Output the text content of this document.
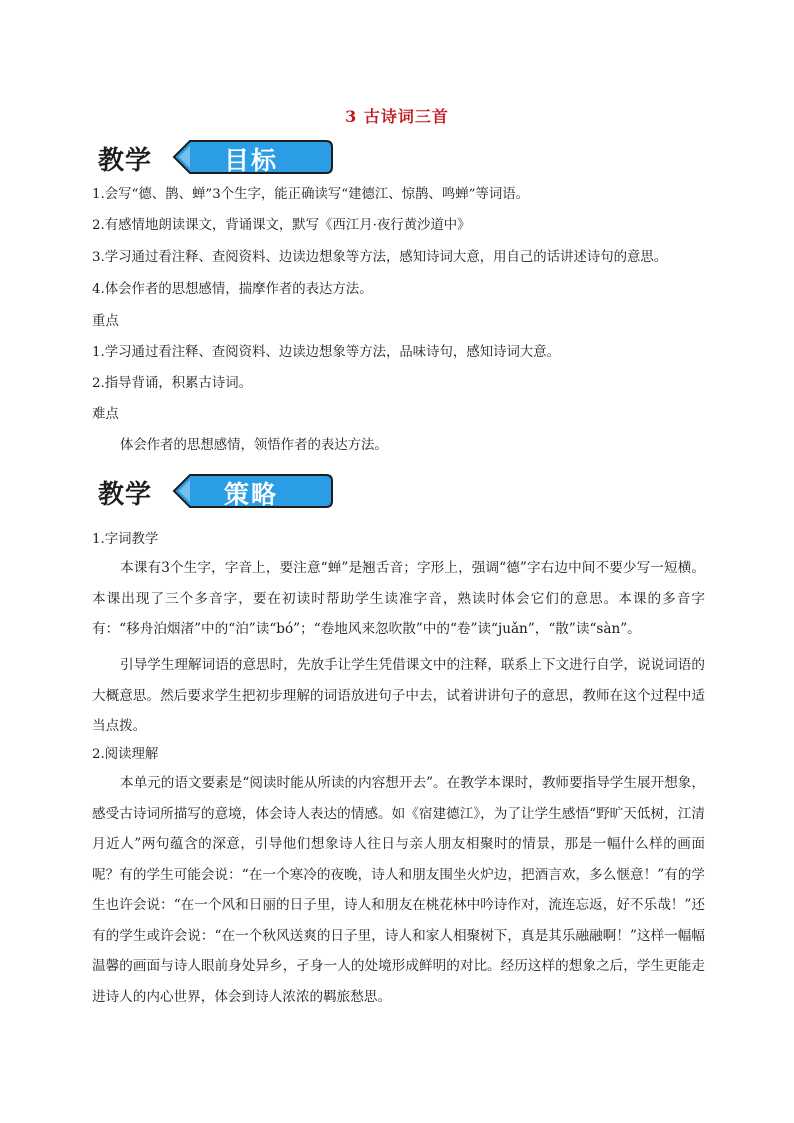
3 古诗词三首
教学	目标
1.会写“德、鹊、蝉”3个生字，能正确读写“建德江、惊鹊、鸣蝉”等词语。
2.有感情地朗读课文，背诵课文，默写《西江月·夜行黄沙道中》
3.学习通过看注释、查阅资料、边读边想象等方法，感知诗词大意，用自己的话讲述诗句的意思。
4.体会作者的思想感情，揣摩作者的表达方法。
重点
1.学习通过看注释、查阅资料、边读边想象等方法，品味诗句，感知诗词大意。
2.指导背诵，积累古诗词。
难点
体会作者的思想感情，领悟作者的表达方法。
教学	策略
1.字词教学
本课有3个生字，字音上，要注意“蝉”是翘舌音；字形上，强调“德”字右边中间不要少写一短横。本课出现了三个多音字，要在初读时帮助学生读准字音，熟读时体会它们的意思。本课的多音字有：“移舟泊烟渚”中的“泊”读“bó”；“卷地风来忽吹散”中的“卷”读“juǎn”，“散”读“sàn”。
引导学生理解词语的意思时，先放手让学生凭借课文中的注释，联系上下文进行自学，说说词语的大概意思。然后要求学生把初步理解的词语放进句子中去，试着讲讲句子的意思，教师在这个过程中适当点拨。
2.阅读理解
本单元的语文要素是“阅读时能从所读的内容想开去”。在教学本课时，教师要指导学生展开想象，感受古诗词所描写的意境，体会诗人表达的情感。如《宿建德江》，为了让学生感悟“野旷天低树，江清月近人”两句蕴含的深意，引导他们想象诗人往日与亲人朋友相聚时的情景，那是一幅什么样的画面呢？有的学生可能会说：“在一个寒冷的夜晚，诗人和朋友围坐火炉边，把酒言欢，多么惬意！”有的学生也许会说：“在一个风和日丽的日子里，诗人和朋友在桃花林中吟诗作对，流连忘返，好不乐哉！”还有的学生或许会说：“在一个秋风送爽的日子里，诗人和家人相聚树下，真是其乐融融啊！”这样一幅幅温馨的画面与诗人眼前身处异乡，孑身一人的处境形成鲜明的对比。经历这样的想象之后，学生更能走进诗人的内心世界，体会到诗人浓浓的羁旅愁思。
